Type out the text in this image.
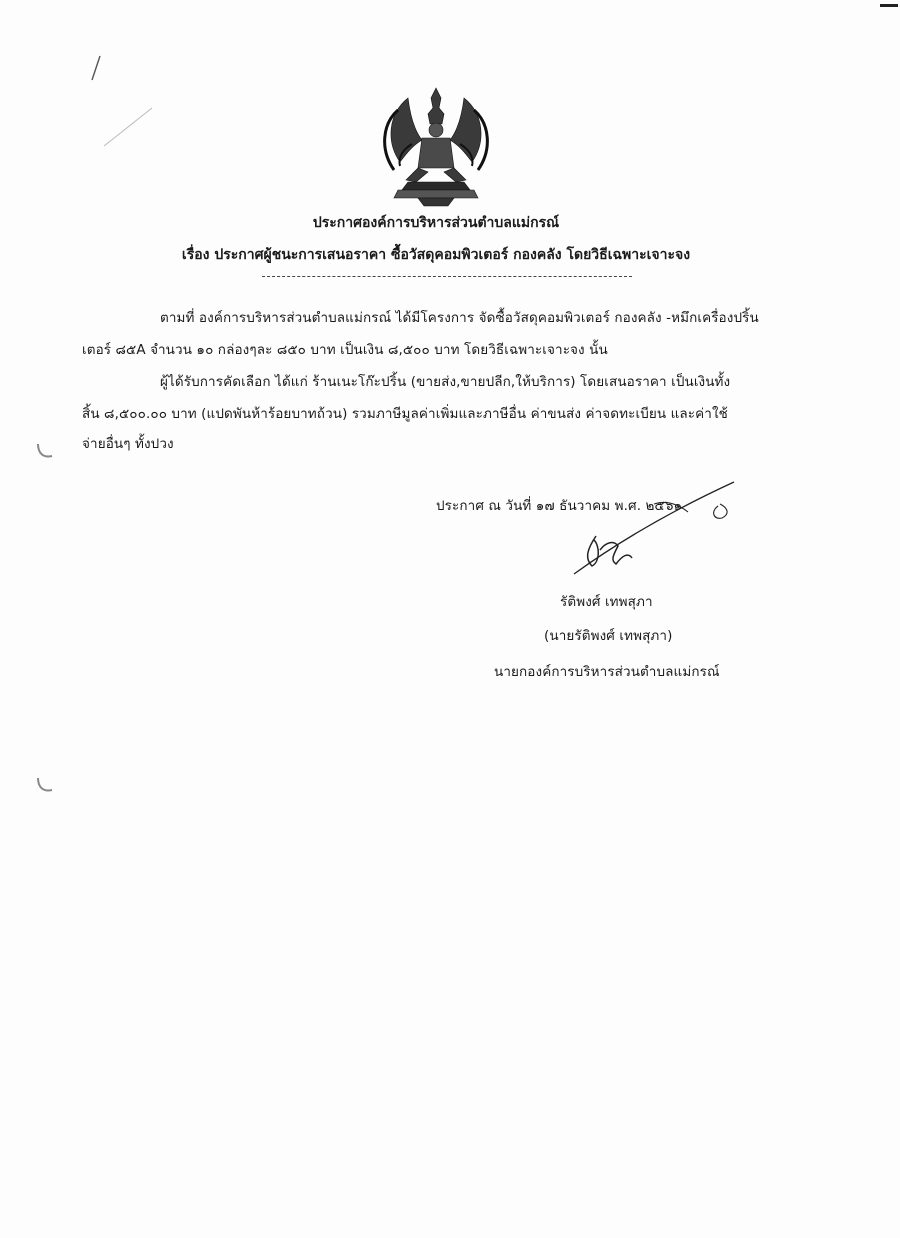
ประกาศองค์การบริหารส่วนตำบลแม่กรณ์
เรื่อง ประกาศผู้ชนะการเสนอราคา ซื้อวัสดุคอมพิวเตอร์ กองคลัง โดยวิธีเฉพาะเจาะจง
ตามที่ องค์การบริหารส่วนตำบลแม่กรณ์ ได้มีโครงการ จัดซื้อวัสดุคอมพิวเตอร์ กองคลัง -หมึกเครื่องปริ้น
เตอร์ ๘๕A จำนวน ๑๐ กล่องๆละ ๘๕๐ บาท เป็นเงิน ๘,๕๐๐ บาท โดยวิธีเฉพาะเจาะจง นั้น
ผู้ได้รับการคัดเลือก ได้แก่ ร้านเนะโก๊ะปริ้น (ขายส่ง,ขายปลีก,ให้บริการ) โดยเสนอราคา เป็นเงินทั้ง
สิ้น ๘,๕๐๐.๐๐ บาท (แปดพันห้าร้อยบาทถ้วน) รวมภาษีมูลค่าเพิ่มและภาษีอื่น ค่าขนส่ง ค่าจดทะเบียน และค่าใช้
จ่ายอื่นๆ ทั้งปวง
ประกาศ ณ วันที่ ๑๗ ธันวาคม พ.ศ. ๒๕๖๑
รัติพงศ์ เทพสุภา
(นายรัติพงศ์ เทพสุภา)
นายกองค์การบริหารส่วนตำบลแม่กรณ์
